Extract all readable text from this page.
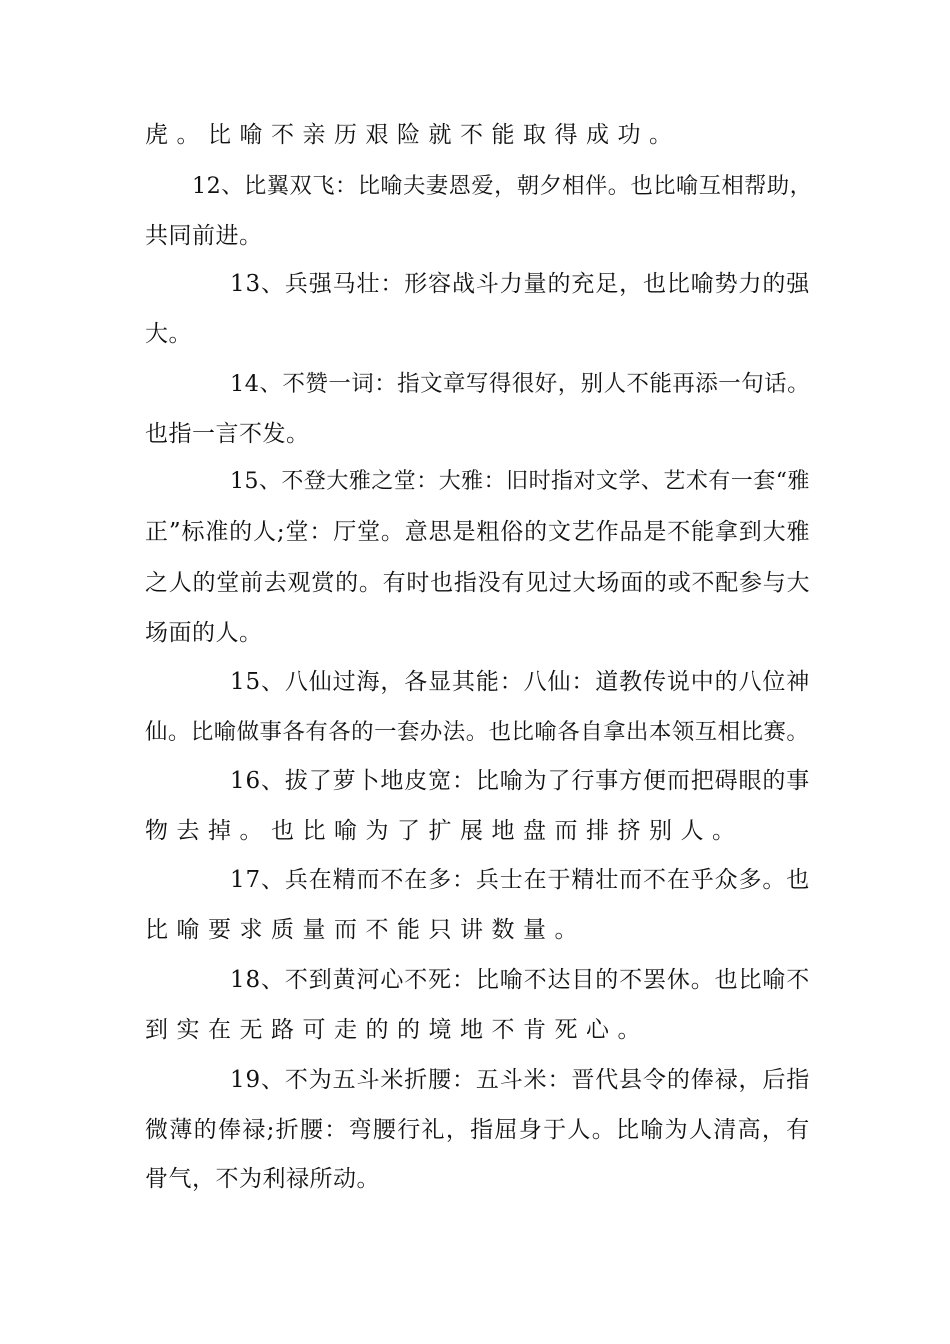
虎。比喻不亲历艰险就不能取得成功。
12、比翼双飞：比喻夫妻恩爱，朝夕相伴。也比喻互相帮助，
共同前进。
13、兵强马壮：形容战斗力量的充足，也比喻势力的强
大。
14、不赞一词：指文章写得很好，别人不能再添一句话。
也指一言不发。
15、不登大雅之堂：大雅：旧时指对文学、艺术有一套“雅
正”标准的人;堂：厅堂。意思是粗俗的文艺作品是不能拿到大雅
之人的堂前去观赏的。有时也指没有见过大场面的或不配参与大
场面的人。
15、八仙过海，各显其能：八仙：道教传说中的八位神
仙。比喻做事各有各的一套办法。也比喻各自拿出本领互相比赛。
16、拔了萝卜地皮宽：比喻为了行事方便而把碍眼的事
物去掉。也比喻为了扩展地盘而排挤别人。
17、兵在精而不在多：兵士在于精壮而不在乎众多。也
比喻要求质量而不能只讲数量。
18、不到黄河心不死：比喻不达目的不罢休。也比喻不
到实在无路可走的的境地不肯死心。
19、不为五斗米折腰：五斗米：晋代县令的俸禄，后指
微薄的俸禄;折腰：弯腰行礼，指屈身于人。比喻为人清高，有
骨气，不为利禄所动。
